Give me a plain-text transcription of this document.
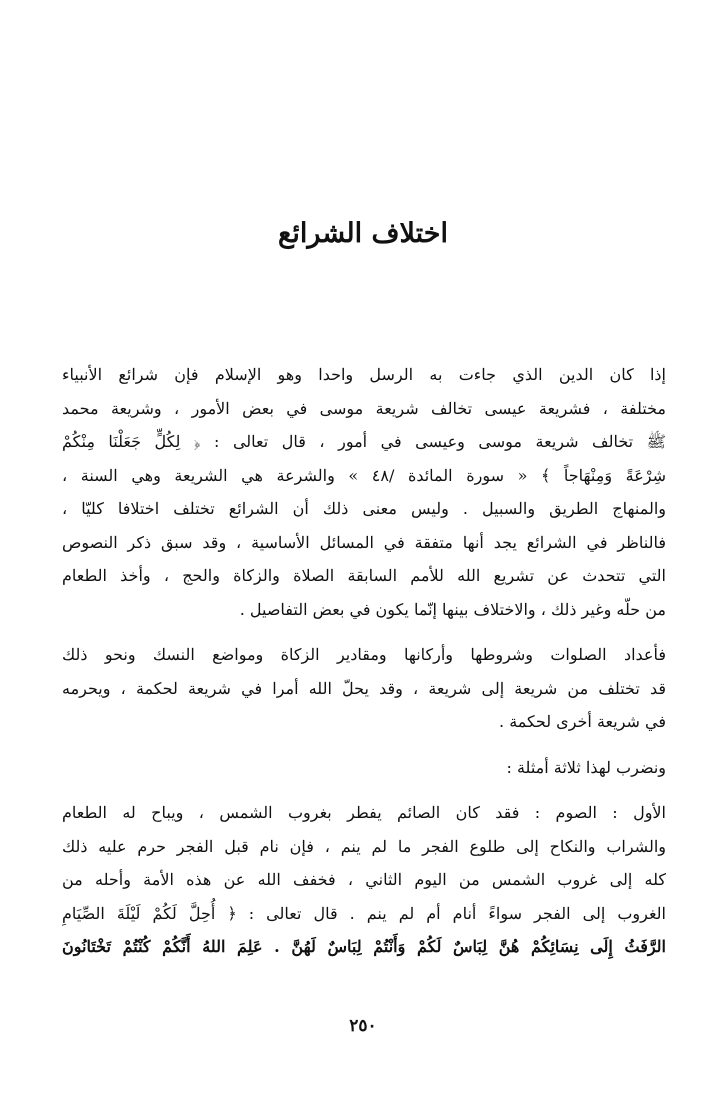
اختلاف الشرائع
إذا كان الدين الذي جاءت به الرسل واحدا وهو الإسلام فإن شرائع الأنبياء
مختلفة ، فشريعة عيسى تخالف شريعة موسى في بعض الأمور ، وشريعة محمد
ﷺ تخالف شريعة موسى وعيسى في أمور ، قال تعالى : ﴿ لِكُلٍّ جَعَلْنَا مِنْكُمْ
شِرْعَةً وَمِنْهَاجاً ﴾ « سورة المائدة /٤٨ » والشرعة هي الشريعة وهي السنة ،
والمنهاج الطريق والسبيل . وليس معنى ذلك أن الشرائع تختلف اختلافا كليّا ،
فالناظر في الشرائع يجد أنها متفقة في المسائل الأساسية ، وقد سبق ذكر النصوص
التي تتحدث عن تشريع الله للأمم السابقة الصلاة والزكاة والحج ، وأخذ الطعام
من حلّه وغير ذلك ، والاختلاف بينها إنّما يكون في بعض التفاصيل .
فأعداد الصلوات وشروطها وأركانها ومقادير الزكاة ومواضع النسك ونحو ذلك
قد تختلف من شريعة إلى شريعة ، وقد يحلّ الله أمرا في شريعة لحكمة ، ويحرمه
في شريعة أخرى لحكمة .
ونضرب لهذا ثلاثة أمثلة :
الأول : الصوم : فقد كان الصائم يفطر بغروب الشمس ، ويباح له الطعام
والشراب والنكاح إلى طلوع الفجر ما لم ينم ، فإن نام قبل الفجر حرم عليه ذلك
كله إلى غروب الشمس من اليوم الثاني ، فخفف الله عن هذه الأمة وأحله من
الغروب إلى الفجر سواءً أنام أم لم ينم . قال تعالى : ﴿ أُحِلَّ لَكُمْ لَيْلَةَ الصِّيَامِ
الرَّفَثُ إِلَى نِسَائِكُمْ هُنَّ لِبَاسٌ لَكُمْ وَأَنْتُمْ لِبَاسٌ لَهُنَّ . عَلِمَ اللهُ أَنَّكُمْ كُنْتُمْ تَخْتَانُونَ
٢٥٠
